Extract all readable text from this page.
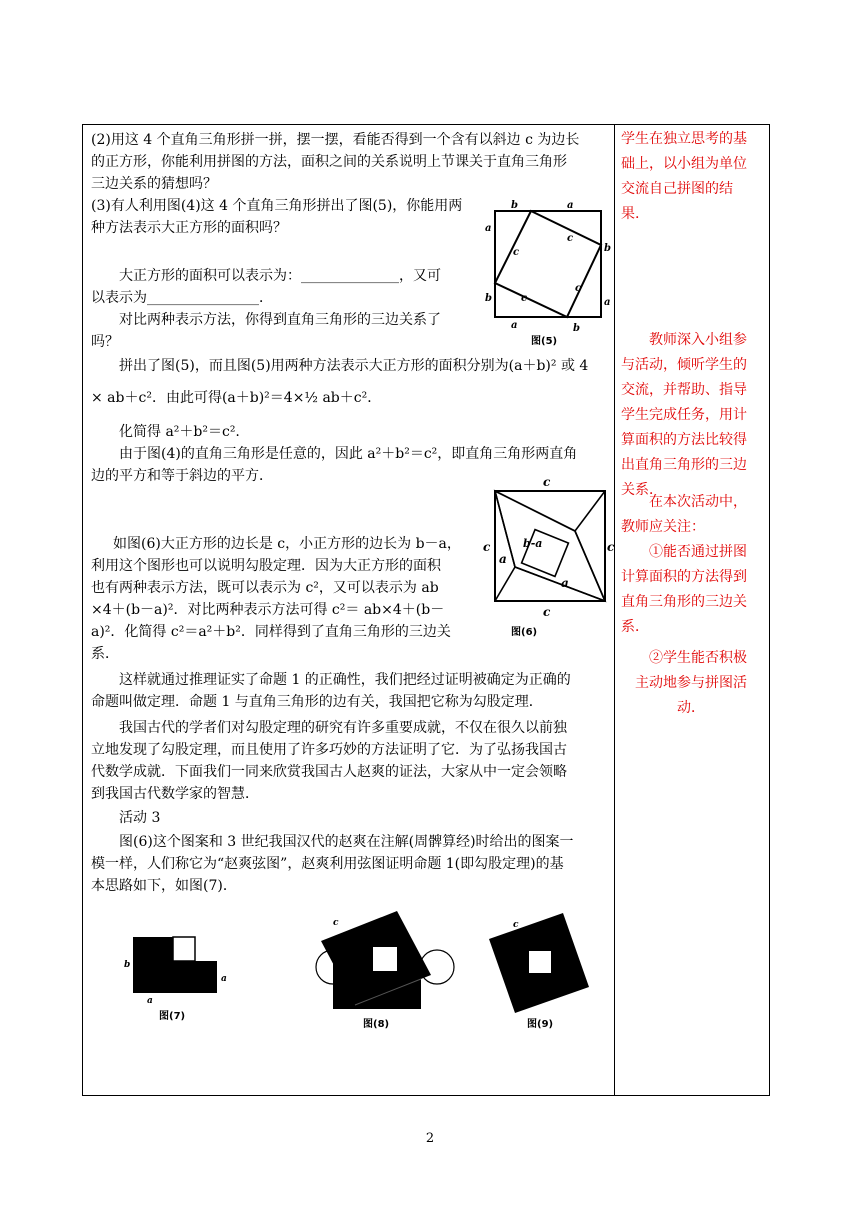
(2)用这 4 个直角三角形拼一拼，摆一摆，看能否得到一个含有以斜边 c 为边长
的正方形，你能利用拼图的方法，面积之间的关系说明上节课关于直角三角形
三边关系的猜想吗？
(3)有人利用图(4)这 4 个直角三角形拼出了图(5)，你能用两
种方法表示大正方形的面积吗？
大正方形的面积可以表示为：______________，又可
以表示为________________．
对比两种表示方法，你得到直角三角形的三边关系了
吗？
拼出了图(5)，而且图(5)用两种方法表示大正方形的面积分别为(a＋b)² 或 4
× ab＋c²．由此可得(a＋b)²＝4×½ ab＋c²．
化简得 a²＋b²＝c².
由于图(4)的直角三角形是任意的，因此 a²＋b²＝c²，即直角三角形两直角
边的平方和等于斜边的平方．
如图(6)大正方形的边长是 c，小正方形的边长为 b－a，
利用这个图形也可以说明勾股定理．因为大正方形的面积
也有两种表示方法，既可以表示为 c²，又可以表示为 ab
×4＋(b－a)²．对比两种表示方法可得 c²＝ ab×4＋(b－
a)²．化简得 c²＝a²＋b²．同样得到了直角三角形的三边关
系．
这样就通过推理证实了命题 1 的正确性，我们把经过证明被确定为正确的
命题叫做定理．命题 1 与直角三角形的边有关，我国把它称为勾股定理．
我国古代的学者们对勾股定理的研究有许多重要成就，不仅在很久以前独
立地发现了勾股定理，而且使用了许多巧妙的方法证明了它．为了弘扬我国古
代数学成就．下面我们一同来欣赏我国古人赵爽的证法，大家从中一定会领略
到我国古代数学家的智慧．
活动 3
图(6)这个图案和 3 世纪我国汉代的赵爽在注解(周髀算经)时给出的图案一
模一样，人们称它为“赵爽弦图”，赵爽利用弦图证明命题 1(即勾股定理)的基
本思路如下，如图(7)．
b	a
a
b
c
c
c
c
b
a
a	b
图(5)
c
c	c
c
a
b-a
a
图(6)
b
a
a
图(7)
c
图(8)
c
图(9)
学生在独立思考的基
础上，以小组为单位
交流自己拼图的结
果.
教师深入小组参
与活动，倾听学生的
交流，并帮助、指导
学生完成任务，用计
算面积的方法比较得
出直角三角形的三边
关系．
在本次活动中，
教师应关注：
①能否通过拼图
计算面积的方法得到
直角三角形的三边关
系．
②学生能否积极
主动地参与拼图活
动．
2
